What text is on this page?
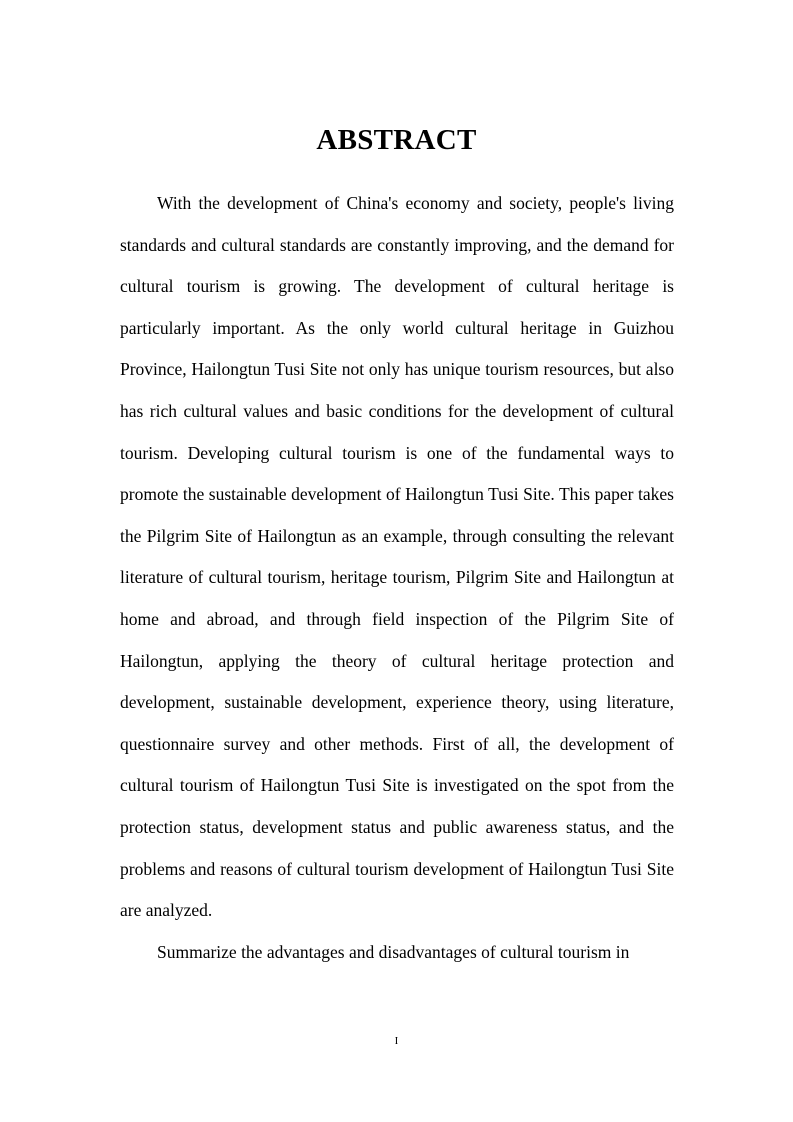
ABSTRACT

With the development of China's economy and society, people's living standards and cultural standards are constantly improving, and the demand for cultural tourism is growing. The development of cultural heritage is particularly important. As the only world cultural heritage in Guizhou Province, Hailongtun Tusi Site not only has unique tourism resources, but also has rich cultural values and basic conditions for the development of cultural tourism. Developing cultural tourism is one of the fundamental ways to promote the sustainable development of Hailongtun Tusi Site. This paper takes the Pilgrim Site of Hailongtun as an example, through consulting the relevant literature of cultural tourism, heritage tourism, Pilgrim Site and Hailongtun at home and abroad, and through field inspection of the Pilgrim Site of Hailongtun, applying the theory of cultural heritage protection and development, sustainable development, experience theory, using literature, questionnaire survey and other methods. First of all, the development of cultural tourism of Hailongtun Tusi Site is investigated on the spot from the protection status, development status and public awareness status, and the problems and reasons of cultural tourism development of Hailongtun Tusi Site are analyzed.

Summarize the advantages and disadvantages of cultural tourism in

I
